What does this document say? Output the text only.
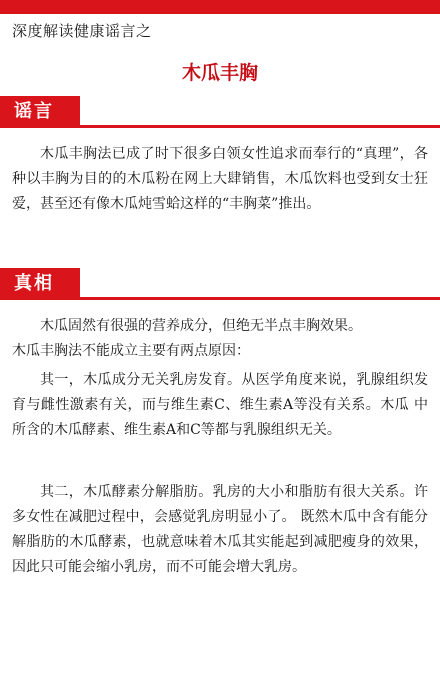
深度解读健康谣言之
木瓜丰胸
谣言

木瓜丰胸法已成了时下很多白领女性追求而奉行的“真理”，各种以丰胸为目的的木瓜粉在网上大肆销售，木瓜饮料也受到女士狂爱，甚至还有像木瓜炖雪蛤这样的“丰胸菜”推出。

真相

木瓜固然有很强的营养成分，但绝无半点丰胸效果。

木瓜丰胸法不能成立主要有两点原因：

其一，木瓜成分无关乳房发育。从医学角度来说，乳腺组织发育与雌性激素有关，而与维生素C、维生素A等没有关系。木瓜 中所含的木瓜酵素、维生素A和C等都与乳腺组织无关。

其二，木瓜酵素分解脂肪。乳房的大小和脂肪有很大关系。许多女性在减肥过程中，会感觉乳房明显小了。 既然木瓜中含有能分解脂肪的木瓜酵素，也就意味着木瓜其实能起到减肥瘦身的效果，因此只可能会缩小乳房，而不可能会增大乳房。
